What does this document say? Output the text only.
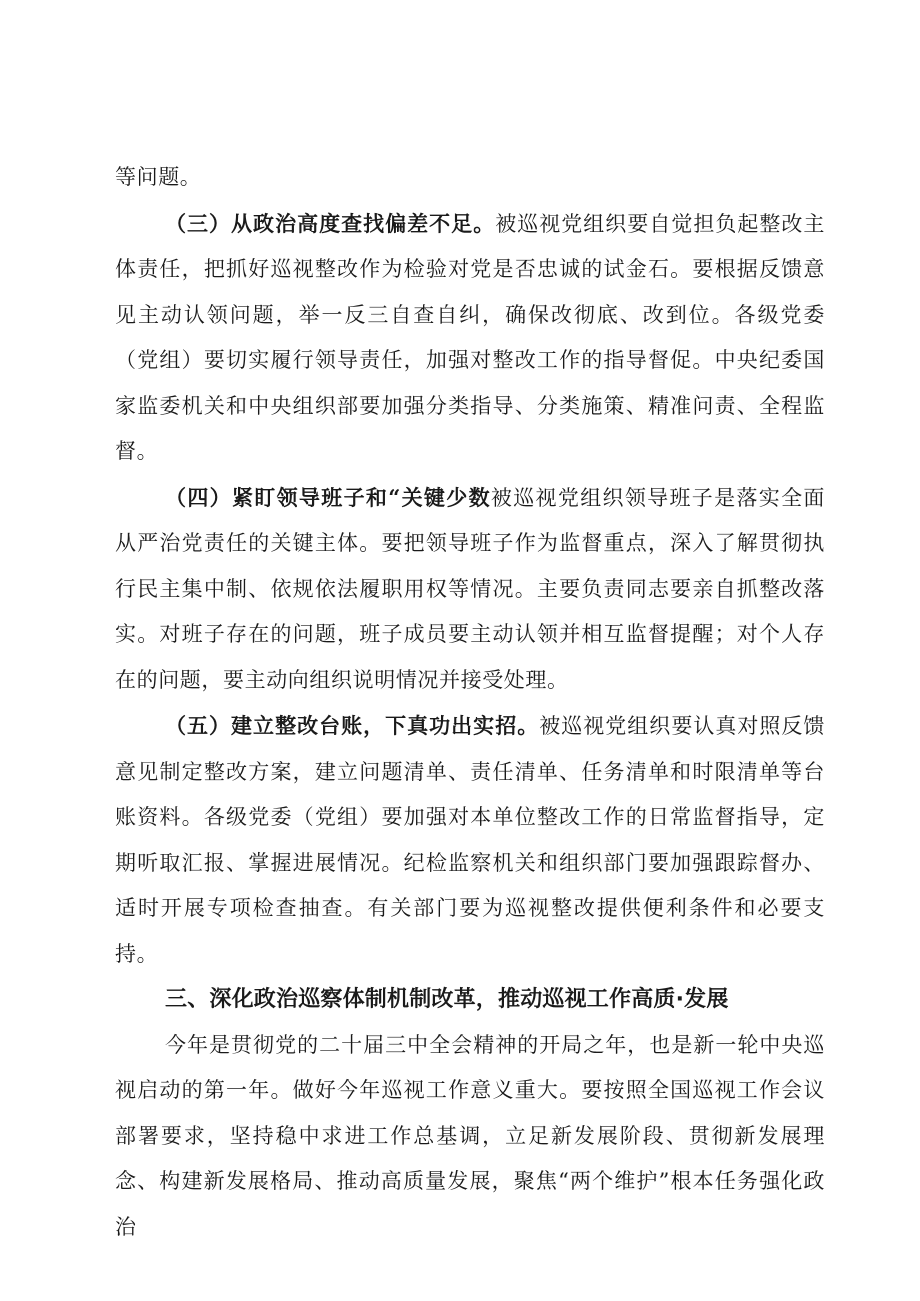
等问题。

（三）从政治高度查找偏差不足。被巡视党组织要自觉担负起整改主体责任，把抓好巡视整改作为检验对党是否忠诚的试金石。要根据反馈意见主动认领问题，举一反三自查自纠，确保改彻底、改到位。各级党委（党组）要切实履行领导责任，加强对整改工作的指导督促。中央纪委国家监委机关和中央组织部要加强分类指导、分类施策、精准问责、全程监督。

（四）紧盯领导班子和“关键少数被巡视党组织领导班子是落实全面从严治党责任的关键主体。要把领导班子作为监督重点，深入了解贯彻执行民主集中制、依规依法履职用权等情况。主要负责同志要亲自抓整改落实。对班子存在的问题，班子成员要主动认领并相互监督提醒；对个人存在的问题，要主动向组织说明情况并接受处理。

（五）建立整改台账，下真功出实招。被巡视党组织要认真对照反馈意见制定整改方案，建立问题清单、责任清单、任务清单和时限清单等台账资料。各级党委（党组）要加强对本单位整改工作的日常监督指导，定期听取汇报、掌握进展情况。纪检监察机关和组织部门要加强跟踪督办、适时开展专项检查抽查。有关部门要为巡视整改提供便利条件和必要支持。

三、深化政治巡察体制机制改革，推动巡视工作高质·发展

今年是贯彻党的二十届三中全会精神的开局之年，也是新一轮中央巡视启动的第一年。做好今年巡视工作意义重大。要按照全国巡视工作会议部署要求，坚持稳中求进工作总基调，立足新发展阶段、贯彻新发展理念、构建新发展格局、推动高质量发展，聚焦“两个维护”根本任务强化政治
